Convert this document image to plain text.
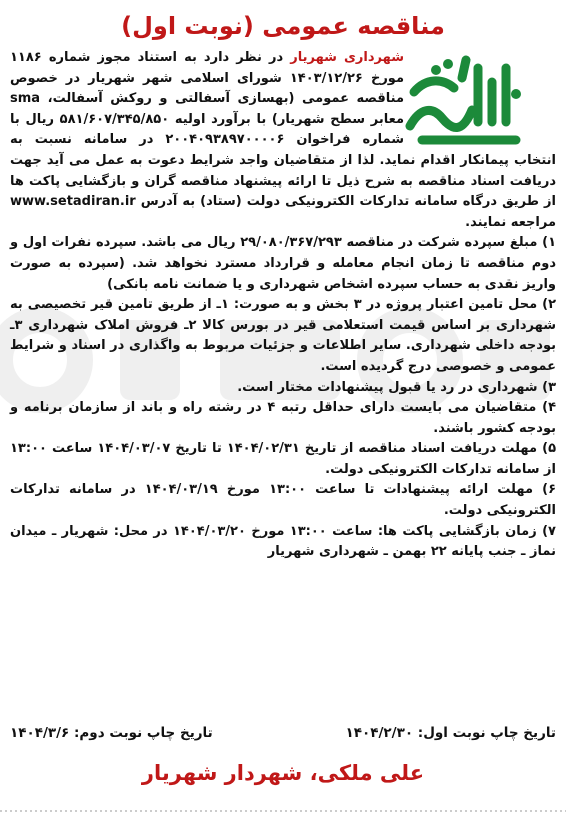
مناقصه عمومی (نوبت اول)

شهرداری شهریار در نظر دارد به استناد مجوز شماره ۱۱۸۶ مورخ ۱۴۰۳/۱۲/۲۶ شورای اسلامی شهر شهریار در خصوص مناقصه عمومی (بهسازی آسفالتی و روکش آسفالت، sma معابر سطح شهریار) با برآورد اولیه ۵۸۱/۶۰۷/۳۴۵/۸۵۰ ریال با شماره فراخوان ۲۰۰۴۰۹۳۸۹۷۰۰۰۰۶ در سامانه نسبت به انتخاب پیمانکار اقدام نماید. لذا از متقاضیان واجد شرایط دعوت به عمل می آید جهت دریافت اسناد مناقصه به شرح ذیل تا ارائه پیشنهاد مناقصه گران و بازگشایی پاکت ها از طریق درگاه سامانه تدارکات الکترونیکی دولت (ستاد) به آدرس www.setadiran.ir مراجعه نمایند.

۱) مبلغ سپرده شرکت در مناقصه ۲۹/۰۸۰/۳۶۷/۲۹۳ ریال می باشد. سپرده نفرات اول و دوم مناقصه تا زمان انجام معامله و قرارداد مسترد نخواهد شد. (سپرده به صورت واریز نقدی به حساب سپرده اشخاص شهرداری و یا ضمانت نامه بانکی)

۲) محل تامین اعتبار پروژه در ۳ بخش و به صورت: ۱ـ از طریق تامین قیر تخصیصی به شهرداری بر اساس قیمت استعلامی قیر در بورس کالا ۲ـ فروش املاک شهرداری ۳ـ بودجه داخلی شهرداری. سایر اطلاعات و جزئیات مربوط به واگذاری در اسناد و شرایط عمومی و خصوصی درج گردیده است.

۳) شهرداری در رد یا قبول پیشنهادات مختار است.

۴) متقاضیان می بایست دارای حداقل رتبه ۴ در رشته راه و باند از سازمان برنامه و بودجه کشور باشند.

۵) مهلت دریافت اسناد مناقصه از تاریخ ۱۴۰۴/۰۲/۳۱ تا تاریخ ۱۴۰۴/۰۳/۰۷ ساعت ۱۳:۰۰ از سامانه تدارکات الکترونیکی دولت.

۶) مهلت ارائه پیشنهادات تا ساعت ۱۳:۰۰ مورخ ۱۴۰۴/۰۳/۱۹ در سامانه تدارکات الکترونیکی دولت.

۷) زمان بازگشایی پاکت ها: ساعت ۱۳:۰۰ مورخ ۱۴۰۴/۰۳/۲۰ در محل: شهریار ـ میدان نماز ـ جنب پایانه ۲۲ بهمن ـ شهرداری شهریار

تاریخ چاپ نوبت اول: ۱۴۰۴/۲/۳۰
تاریخ چاپ نوبت دوم: ۱۴۰۴/۳/۶
علی ملکی، شهردار شهریار
